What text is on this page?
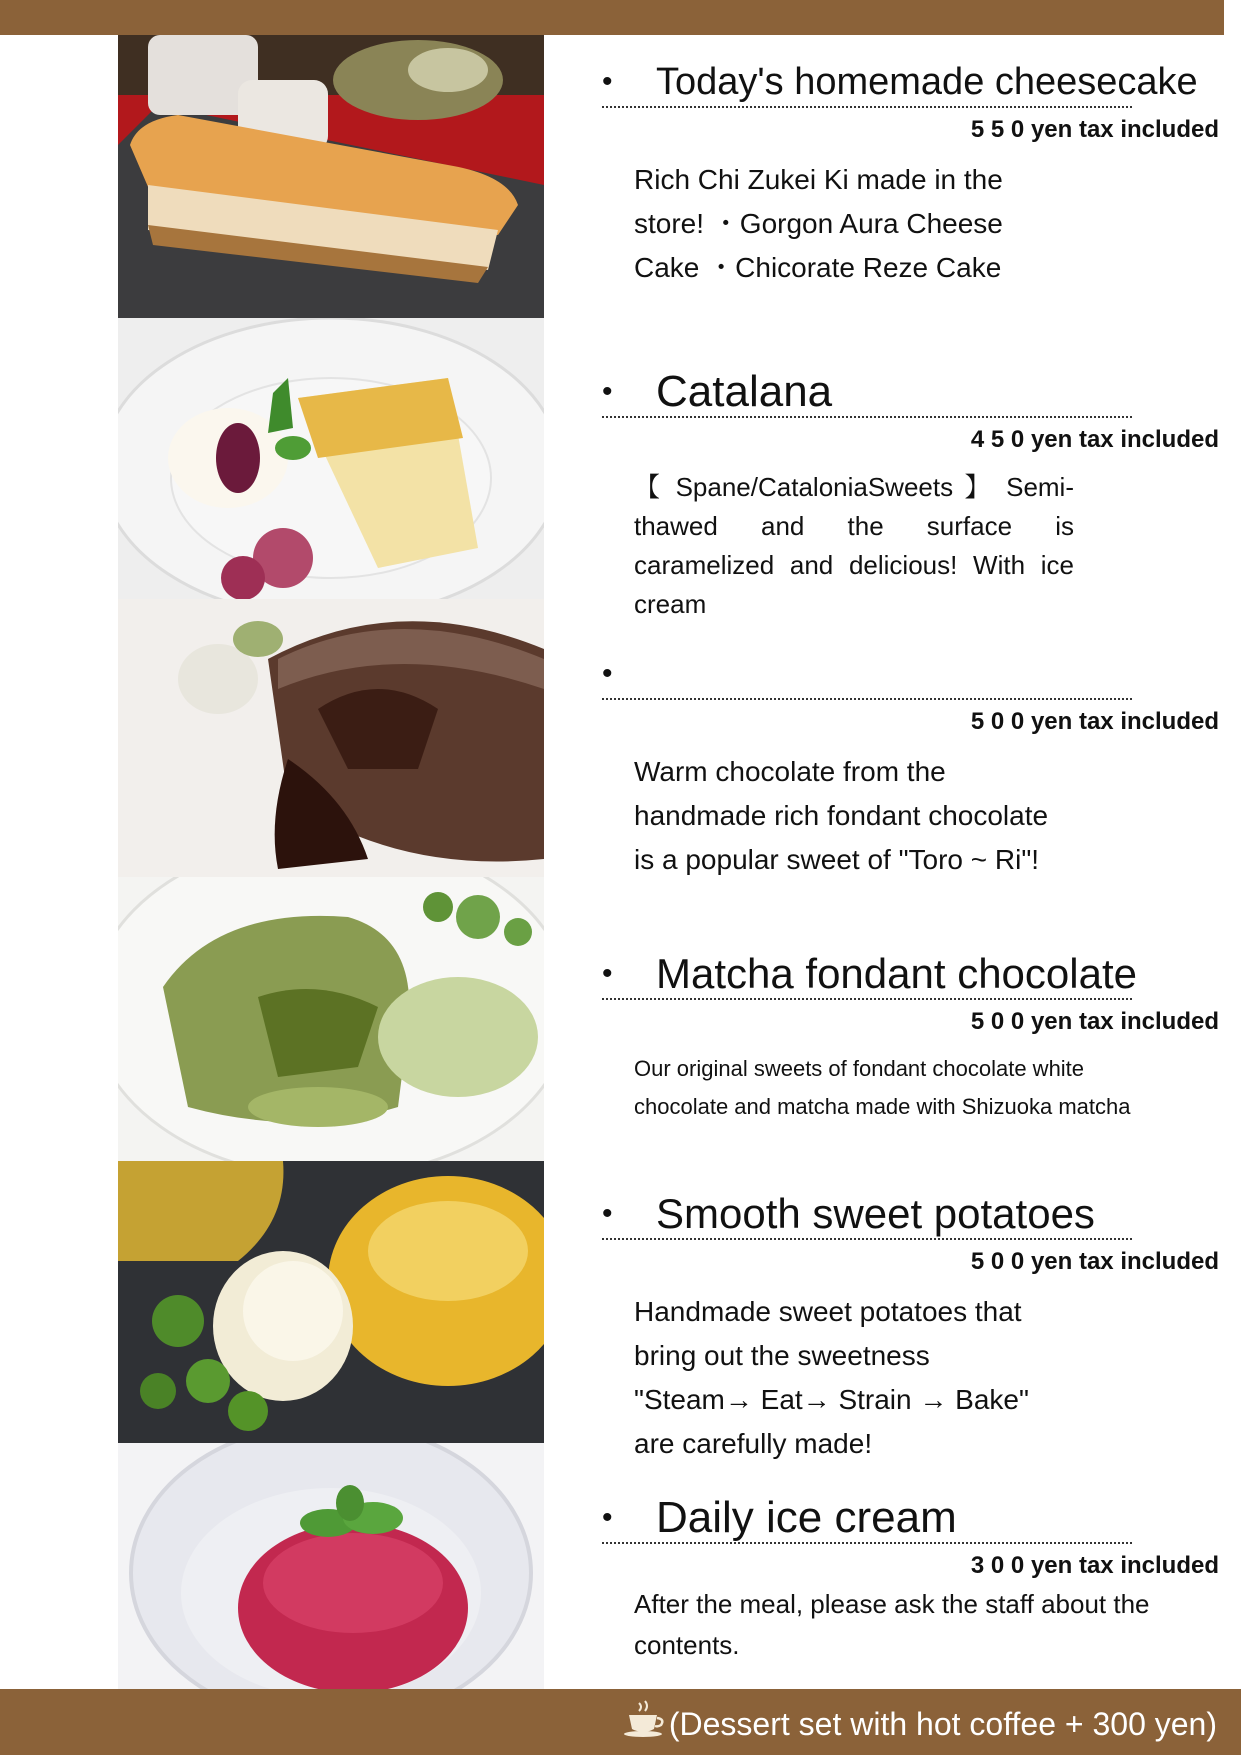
• Today's homemade cheesecake
5 5 0 yen tax included
Rich Chi Zukei Ki made in the store! ・Gorgon Aura Cheese Cake ・Chicorate Reze Cake
• Catalana
4 5 0 yen tax included
【 Spane/CataloniaSweets 】 Semi-thawed and the surface is caramelized and delicious! With ice cream
•
5 0 0 yen tax included
Warm chocolate from the handmade rich fondant chocolate is a popular sweet of "Toro ~ Ri"!
• Matcha fondant chocolate
5 0 0 yen tax included
Our original sweets of fondant chocolate white chocolate and matcha made with Shizuoka matcha
• Smooth sweet potatoes
5 0 0 yen tax included
Handmade sweet potatoes that bring out the sweetness "Steam→ Eat→ Strain → Bake" are carefully made!
• Daily ice cream
3 0 0 yen tax included
After the meal, please ask the staff about the contents.
(Dessert set with hot coffee + 300 yen)
